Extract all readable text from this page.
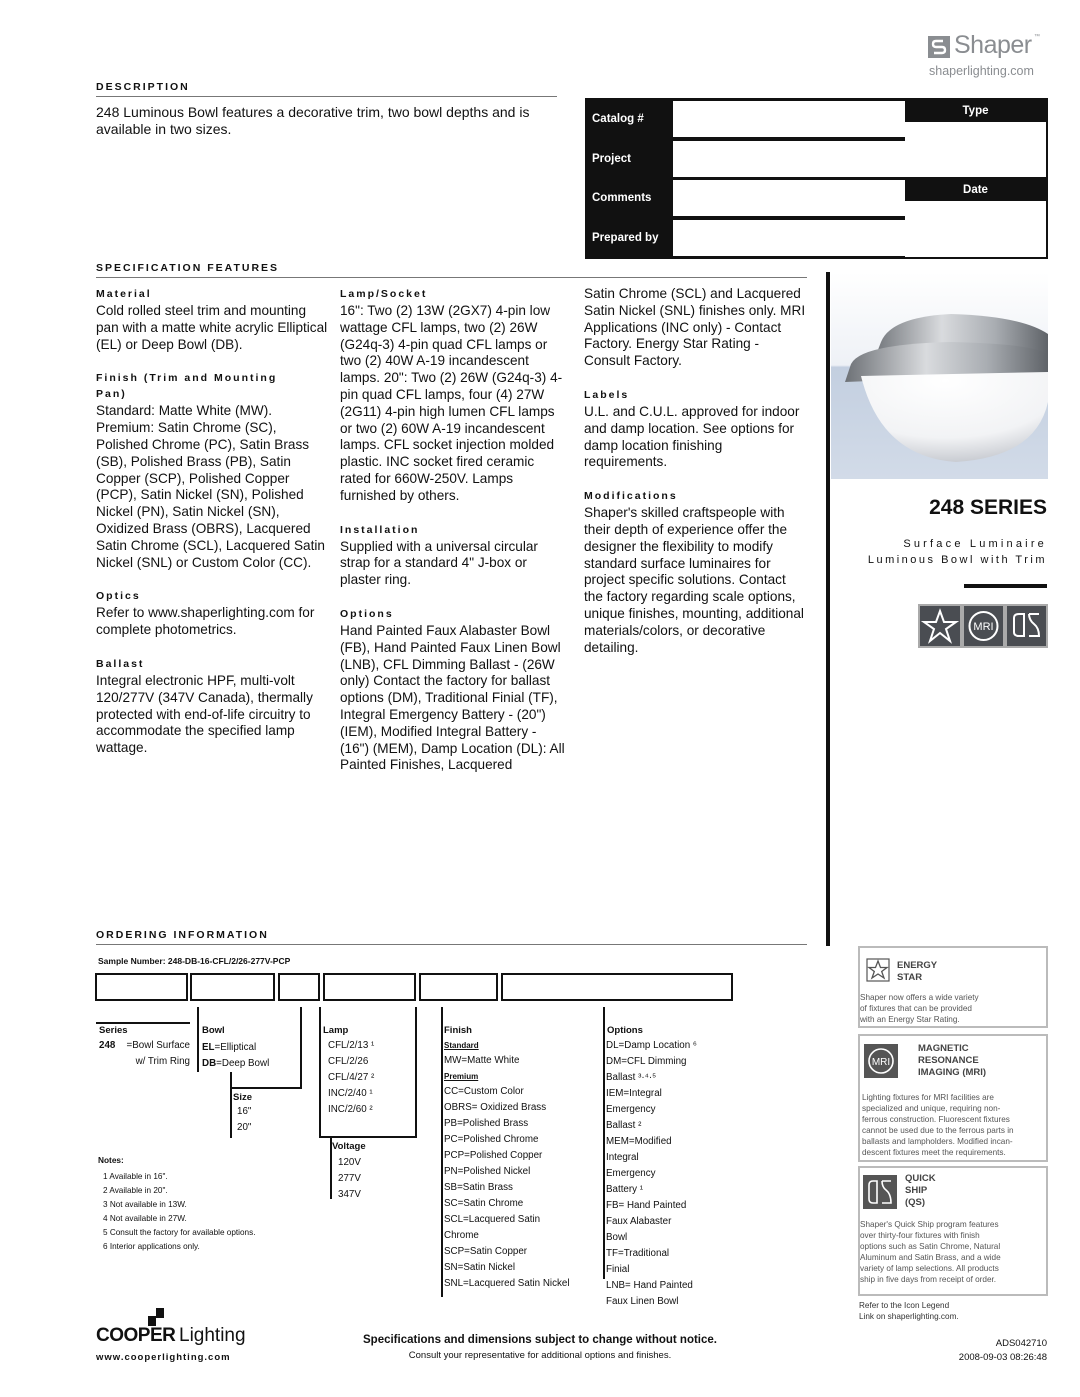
Shaper ™
shaperlighting.com
DESCRIPTION
248 Luminous Bowl features a decorative trim, two bowl depths and is available in two sizes.
Catalog #
Project
Comments
Prepared by
Type
Date
SPECIFICATION FEATURES
Material
Cold rolled steel trim and mounting pan with a matte white acrylic Elliptical (EL) or Deep Bowl (DB).
Finish (Trim and Mounting
Pan)
Standard: Matte White (MW). Premium: Satin Chrome (SC), Polished Chrome (PC), Satin Brass (SB), Polished Brass (PB), Satin Copper (SCP), Polished Copper (PCP), Satin Nickel (SN), Polished Nickel (PN), Satin Nickel (SN), Oxidized Brass (OBRS), Lacquered Satin Chrome (SCL), Lacquered Satin Nickel (SNL) or Custom Color (CC).
Optics
Refer to www.shaperlighting.com for complete photometrics.
Ballast
Integral electronic HPF, multi-volt 120/277V (347V Canada), thermally protected with end-of-life circuitry to accommodate the specified lamp wattage.
Lamp/Socket
16": Two (2) 13W (2GX7) 4-pin low wattage CFL lamps, two (2) 26W (G24q-3) 4-pin quad CFL lamps or two (2) 40W A-19 incandescent lamps. 20": Two (2) 26W (G24q-3) 4-pin quad CFL lamps, four (4) 27W (2G11) 4-pin high lumen CFL lamps or two (2) 60W A-19 incandescent lamps. CFL socket injection molded plastic. INC socket fired ceramic rated for 660W-250V. Lamps furnished by others.
Installation
Supplied with a universal circular strap for a standard 4" J-box or plaster ring.
Options
Hand Painted Faux Alabaster Bowl (FB), Hand Painted Faux Linen Bowl (LNB), CFL Dimming Ballast - (26W only) Contact the factory for ballast options (DM), Traditional Finial (TF), Integral Emergency Battery - (20") (IEM), Modified Integral Battery - (16") (MEM), Damp Location (DL): All Painted Finishes, Lacquered
Satin Chrome (SCL) and Lacquered Satin Nickel (SNL) finishes only. MRI Applications (INC only) - Contact Factory. Energy Star Rating - Consult Factory.
Labels
U.L. and C.U.L. approved for indoor and damp location. See options for damp location finishing requirements.
Modifications
Shaper's skilled craftspeople with their depth of experience offer the designer the flexibility to modify standard surface luminaires for project specific solutions. Contact the factory regarding scale options, unique finishes, mounting, additional materials/colors, or decorative detailing.
248 SERIES
Surface Luminaire
Luminous Bowl with Trim
MRI
ORDERING INFORMATION
Sample Number: 248-DB-16-CFL/2/26-277V-PCP
Series
248	=Bowl Surface
w/ Trim Ring
Bowl
EL=Elliptical
DB=Deep Bowl
Size
16"
20"
Lamp
CFL/2/13 ¹
CFL/2/26
CFL/4/27 ²
INC/2/40 ¹
INC/2/60 ²
Voltage
120V
277V
347V
Finish
Standard
MW=Matte White
Premium
CC=Custom Color
OBRS= Oxidized Brass
PB=Polished Brass
PC=Polished Chrome
PCP=Polished Copper
PN=Polished Nickel
SB=Satin Brass
SC=Satin Chrome
SCL=Lacquered Satin
Chrome
SCP=Satin Copper
SN=Satin Nickel
SNL=Lacquered Satin Nickel
Options
DL=Damp Location ⁶
DM=CFL Dimming
Ballast ³·⁴·⁵
IEM=Integral
Emergency
Ballast ²
MEM=Modified
Integral
Emergency
Battery ¹
FB= Hand Painted
Faux Alabaster
Bowl
TF=Traditional
Finial
LNB= Hand Painted
Faux Linen Bowl
Notes:
1 Available in 16".
2 Available in 20".
3 Not available in 13W.
4 Not available in 27W.
5 Consult the factory for available options.
6 Interior applications only.
ENERGY
STAR
Shaper now offers a wide variety
of fixtures that can be provided
with an Energy Star Rating.
MRI
MAGNETIC
RESONANCE
IMAGING (MRI)
Lighting fixtures for MRI facilities are
specialized and unique, requiring non-
ferrous construction. Fluorescent fixtures
cannot be used due to the ferrous parts in
ballasts and lampholders. Modified incan-
descent fixtures meet the requirements.
QUICK
SHIP
(QS)
Shaper's Quick Ship program features
over thirty-four fixtures with finish
options such as Satin Chrome, Natural
Aluminum and Satin Brass, and a wide
variety of lamp selections. All products
ship in five days from receipt of order.
Refer to the Icon Legend
Link on shaperlighting.com.
COOPER Lighting
www.cooperlighting.com
Specifications and dimensions subject to change without notice.
Consult your representative for additional options and finishes.
ADS042710
2008-09-03 08:26:48
